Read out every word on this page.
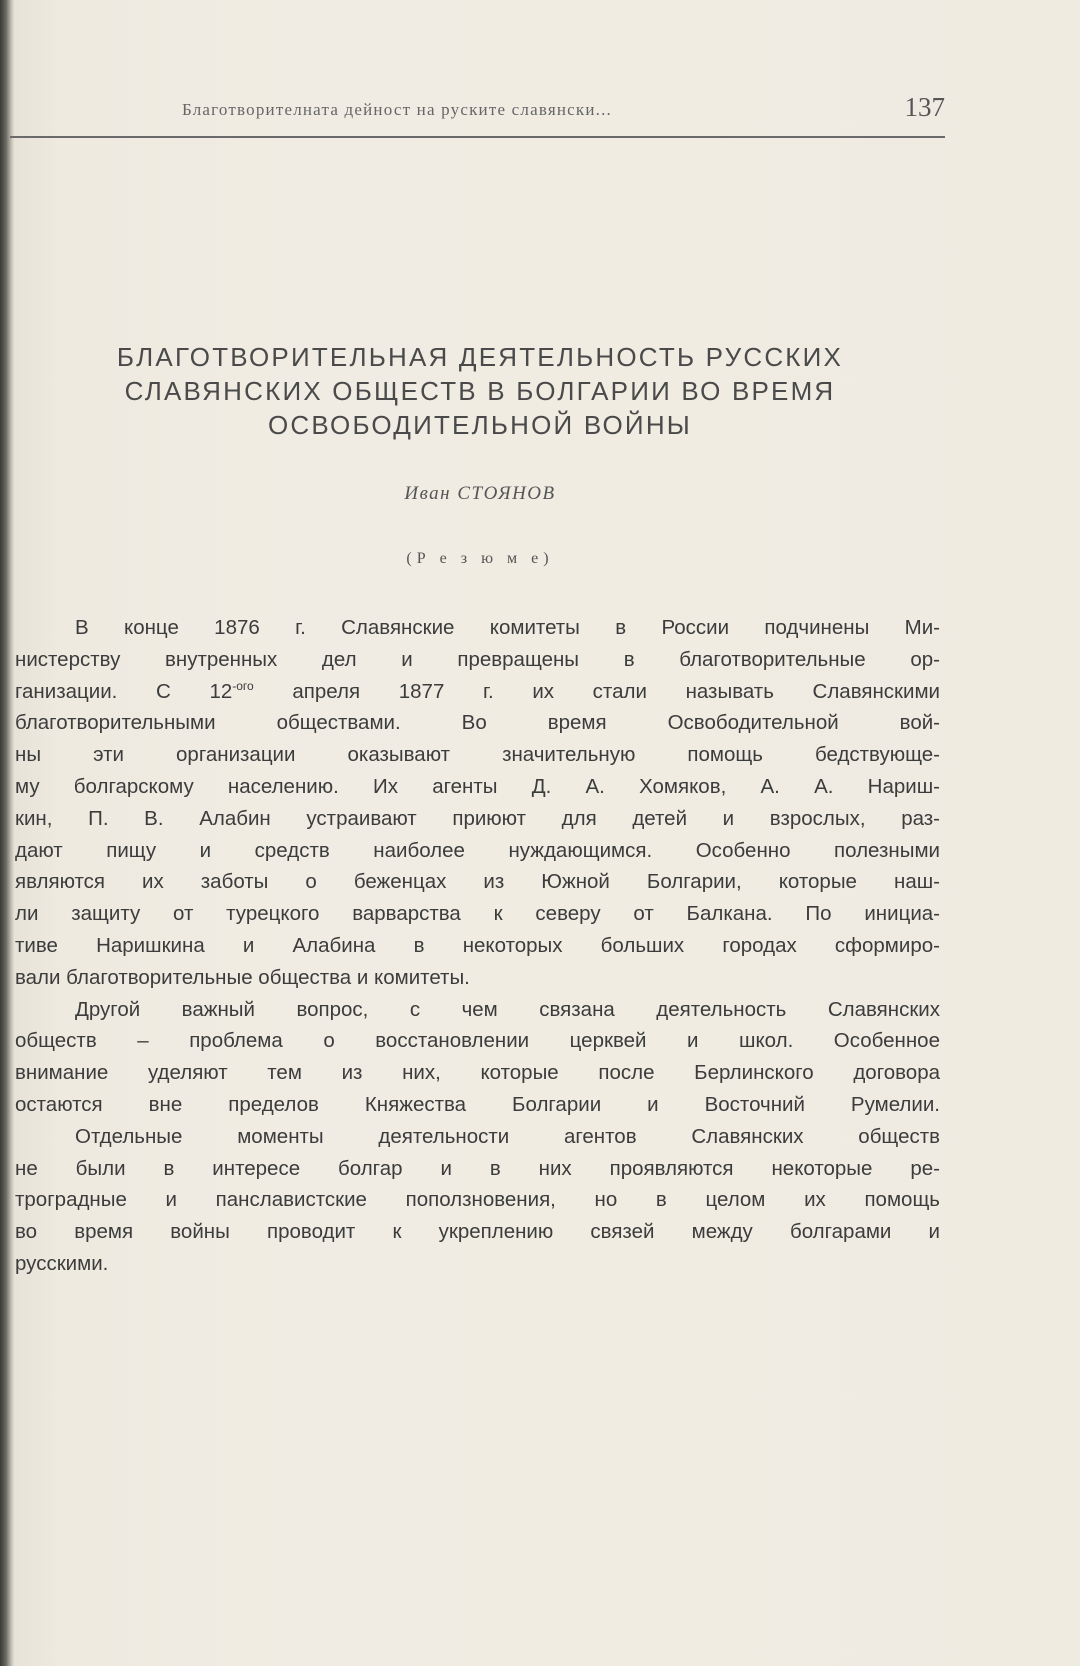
Благотворителната дейност на руските славянски...	137
БЛАГОТВОРИТЕЛЬНАЯ ДЕЯТЕЛЬНОСТЬ РУССКИХ
СЛАВЯНСКИХ ОБЩЕСТВ В БОЛГАРИИ ВО ВРЕМЯ
ОСВОБОДИТЕЛЬНОЙ ВОЙНЫ
Иван СТОЯНОВ
(Р е з ю м е)
В конце 1876 г. Славянские комитеты в России подчинены Ми-
нистерству внутренных дел и превращены в благотворительные ор-
ганизации. С $12^{-ого}$ апреля 1877 г. их стали называть Славянскими
благотворительными обществами. Во время Освободительной вой-
ны эти организации оказывают значительную помощь бедствующе-
му болгарскому населению. Их агенты Д. А. Хомяков, А. А. Нариш-
кин, П. В. Алабин устраивают приюют для детей и взрослых, раз-
дают пищу и средств наиболее нуждающимся. Особенно полезными
являются их заботы о беженцах из Южной Болгарии, которые наш-
ли защиту от турецкого варварства к северу от Балкана. По инициа-
тиве Наришкина и Алабина в некоторых больших городах сформиро-
вали благотворительные общества и комитеты.
Другой важный вопрос, с чем связана деятельность Славянских
обществ – проблема о восстановлении церквей и школ. Особенное
внимание уделяют тем из них, которые после Берлинского договора
остаются вне пределов Княжества Болгарии и Восточний Румелии.
Отдельные моменты деятельности агентов Славянских обществ
не были в интересе болгар и в них проявляются некоторые ре-
троградные и панславистские поползновения, но в целом их помощь
во время войны проводит к укреплению связей между болгарами и
русскими.
